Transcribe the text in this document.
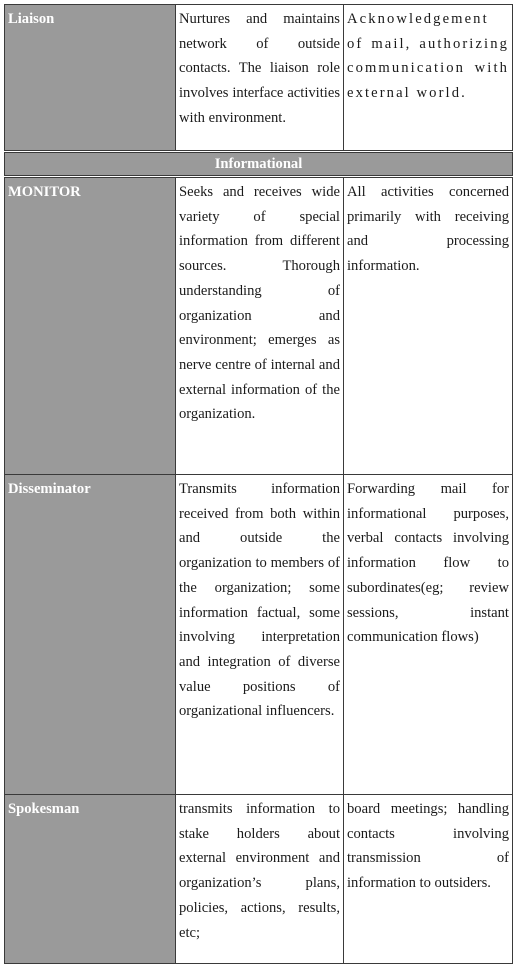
Liaison	Nurtures and maintains network of outside contacts. The liaison role involves interface activities with environment.	Acknowledgement of mail, authorizing communication with external world.
Informational		
MONITOR	Seeks and receives wide variety of special information from different sources. Thorough understanding of organization and environment; emerges as nerve centre of internal and external information of the organization.	All activities concerned primarily with receiving and processing information.
Disseminator	Transmits information received from both within and outside the organization to members of the organization; some information factual, some involving interpretation and integration of diverse value positions of organizational influencers.	Forwarding mail for informational purposes, verbal contacts involving information flow to subordinates(eg; review sessions, instant communication flows)
Spokesman	transmits information to stake holders about external environment and organization’s plans, policies, actions, results, etc;	board meetings; handling contacts involving transmission of information to outsiders.
